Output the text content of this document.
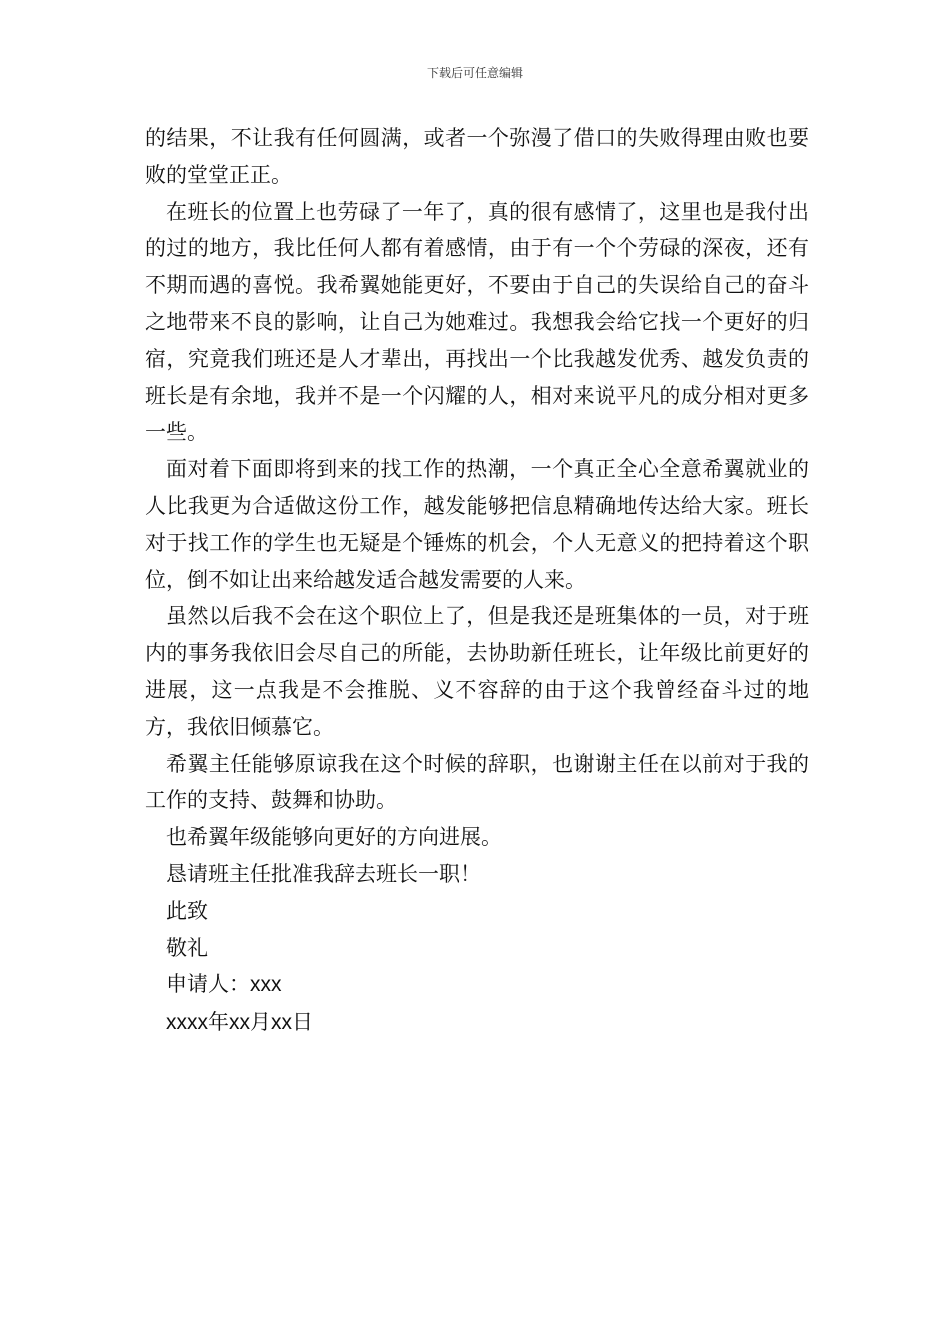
下载后可任意编辑

的结果，不让我有任何圆满，或者一个弥漫了借口的失败得理由败也要败的堂堂正正。

在班长的位置上也劳碌了一年了，真的很有感情了，这里也是我付出的过的地方，我比任何人都有着感情，由于有一个个劳碌的深夜，还有不期而遇的喜悦。我希翼她能更好，不要由于自己的失误给自己的奋斗之地带来不良的影响，让自己为她难过。我想我会给它找一个更好的归宿，究竟我们班还是人才辈出，再找出一个比我越发优秀、越发负责的班长是有余地，我并不是一个闪耀的人，相对来说平凡的成分相对更多一些。

面对着下面即将到来的找工作的热潮，一个真正全心全意希翼就业的人比我更为合适做这份工作，越发能够把信息精确地传达给大家。班长对于找工作的学生也无疑是个锤炼的机会，个人无意义的把持着这个职位，倒不如让出来给越发适合越发需要的人来。

虽然以后我不会在这个职位上了，但是我还是班集体的一员，对于班内的事务我依旧会尽自己的所能，去协助新任班长，让年级比前更好的进展，这一点我是不会推脱、义不容辞的由于这个我曾经奋斗过的地方，我依旧倾慕它。

希翼主任能够原谅我在这个时候的辞职，也谢谢主任在以前对于我的工作的支持、鼓舞和协助。

也希翼年级能够向更好的方向进展。

恳请班主任批准我辞去班长一职！

此致

敬礼

申请人：xxx

xxxx年xx月xx日
